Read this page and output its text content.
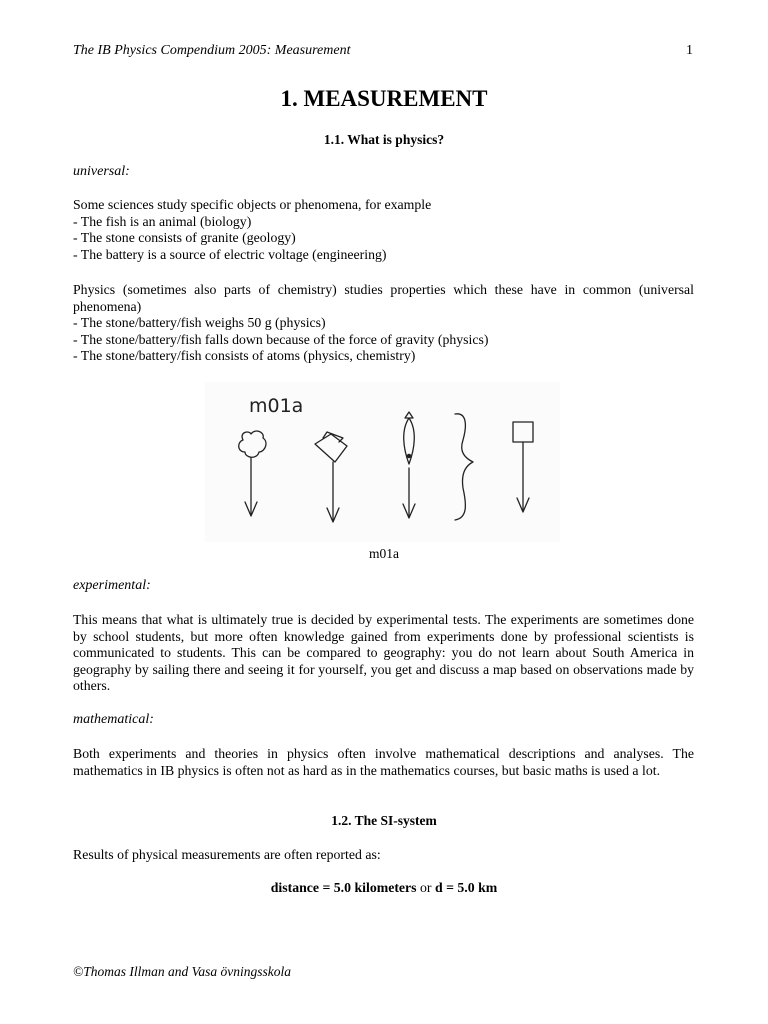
The IB Physics Compendium 2005: Measurement	1
1. MEASUREMENT
1.1. What is physics?
universal:
Some sciences study specific objects or phenomena, for example
- The fish is an animal (biology)
- The stone consists of granite (geology)
- The battery is a source of electric voltage (engineering)
Physics (sometimes also parts of chemistry) studies properties which these have in common (universal phenomena)
- The stone/battery/fish weighs 50 g (physics)
- The stone/battery/fish falls down because of the force of gravity (physics)
- The stone/battery/fish consists of atoms (physics, chemistry)
m01a
m01a
experimental:
This means that what is ultimately true is decided by experimental tests. The experiments are sometimes done by school students, but more often knowledge gained from experiments done by professional scientists is communicated to students. This can be compared to geography: you do not learn about South America in geography by sailing there and seeing it for yourself, you get and discuss a map based on observations made by others.
mathematical:
Both experiments and theories in physics often involve mathematical descriptions and analyses. The mathematics in IB physics is often not as hard as in the mathematics courses, but basic maths is used a lot.
1.2. The SI-system
Results of physical measurements are often reported as:
distance = 5.0 kilometers or d = 5.0 km
©Thomas Illman and Vasa övningsskola
